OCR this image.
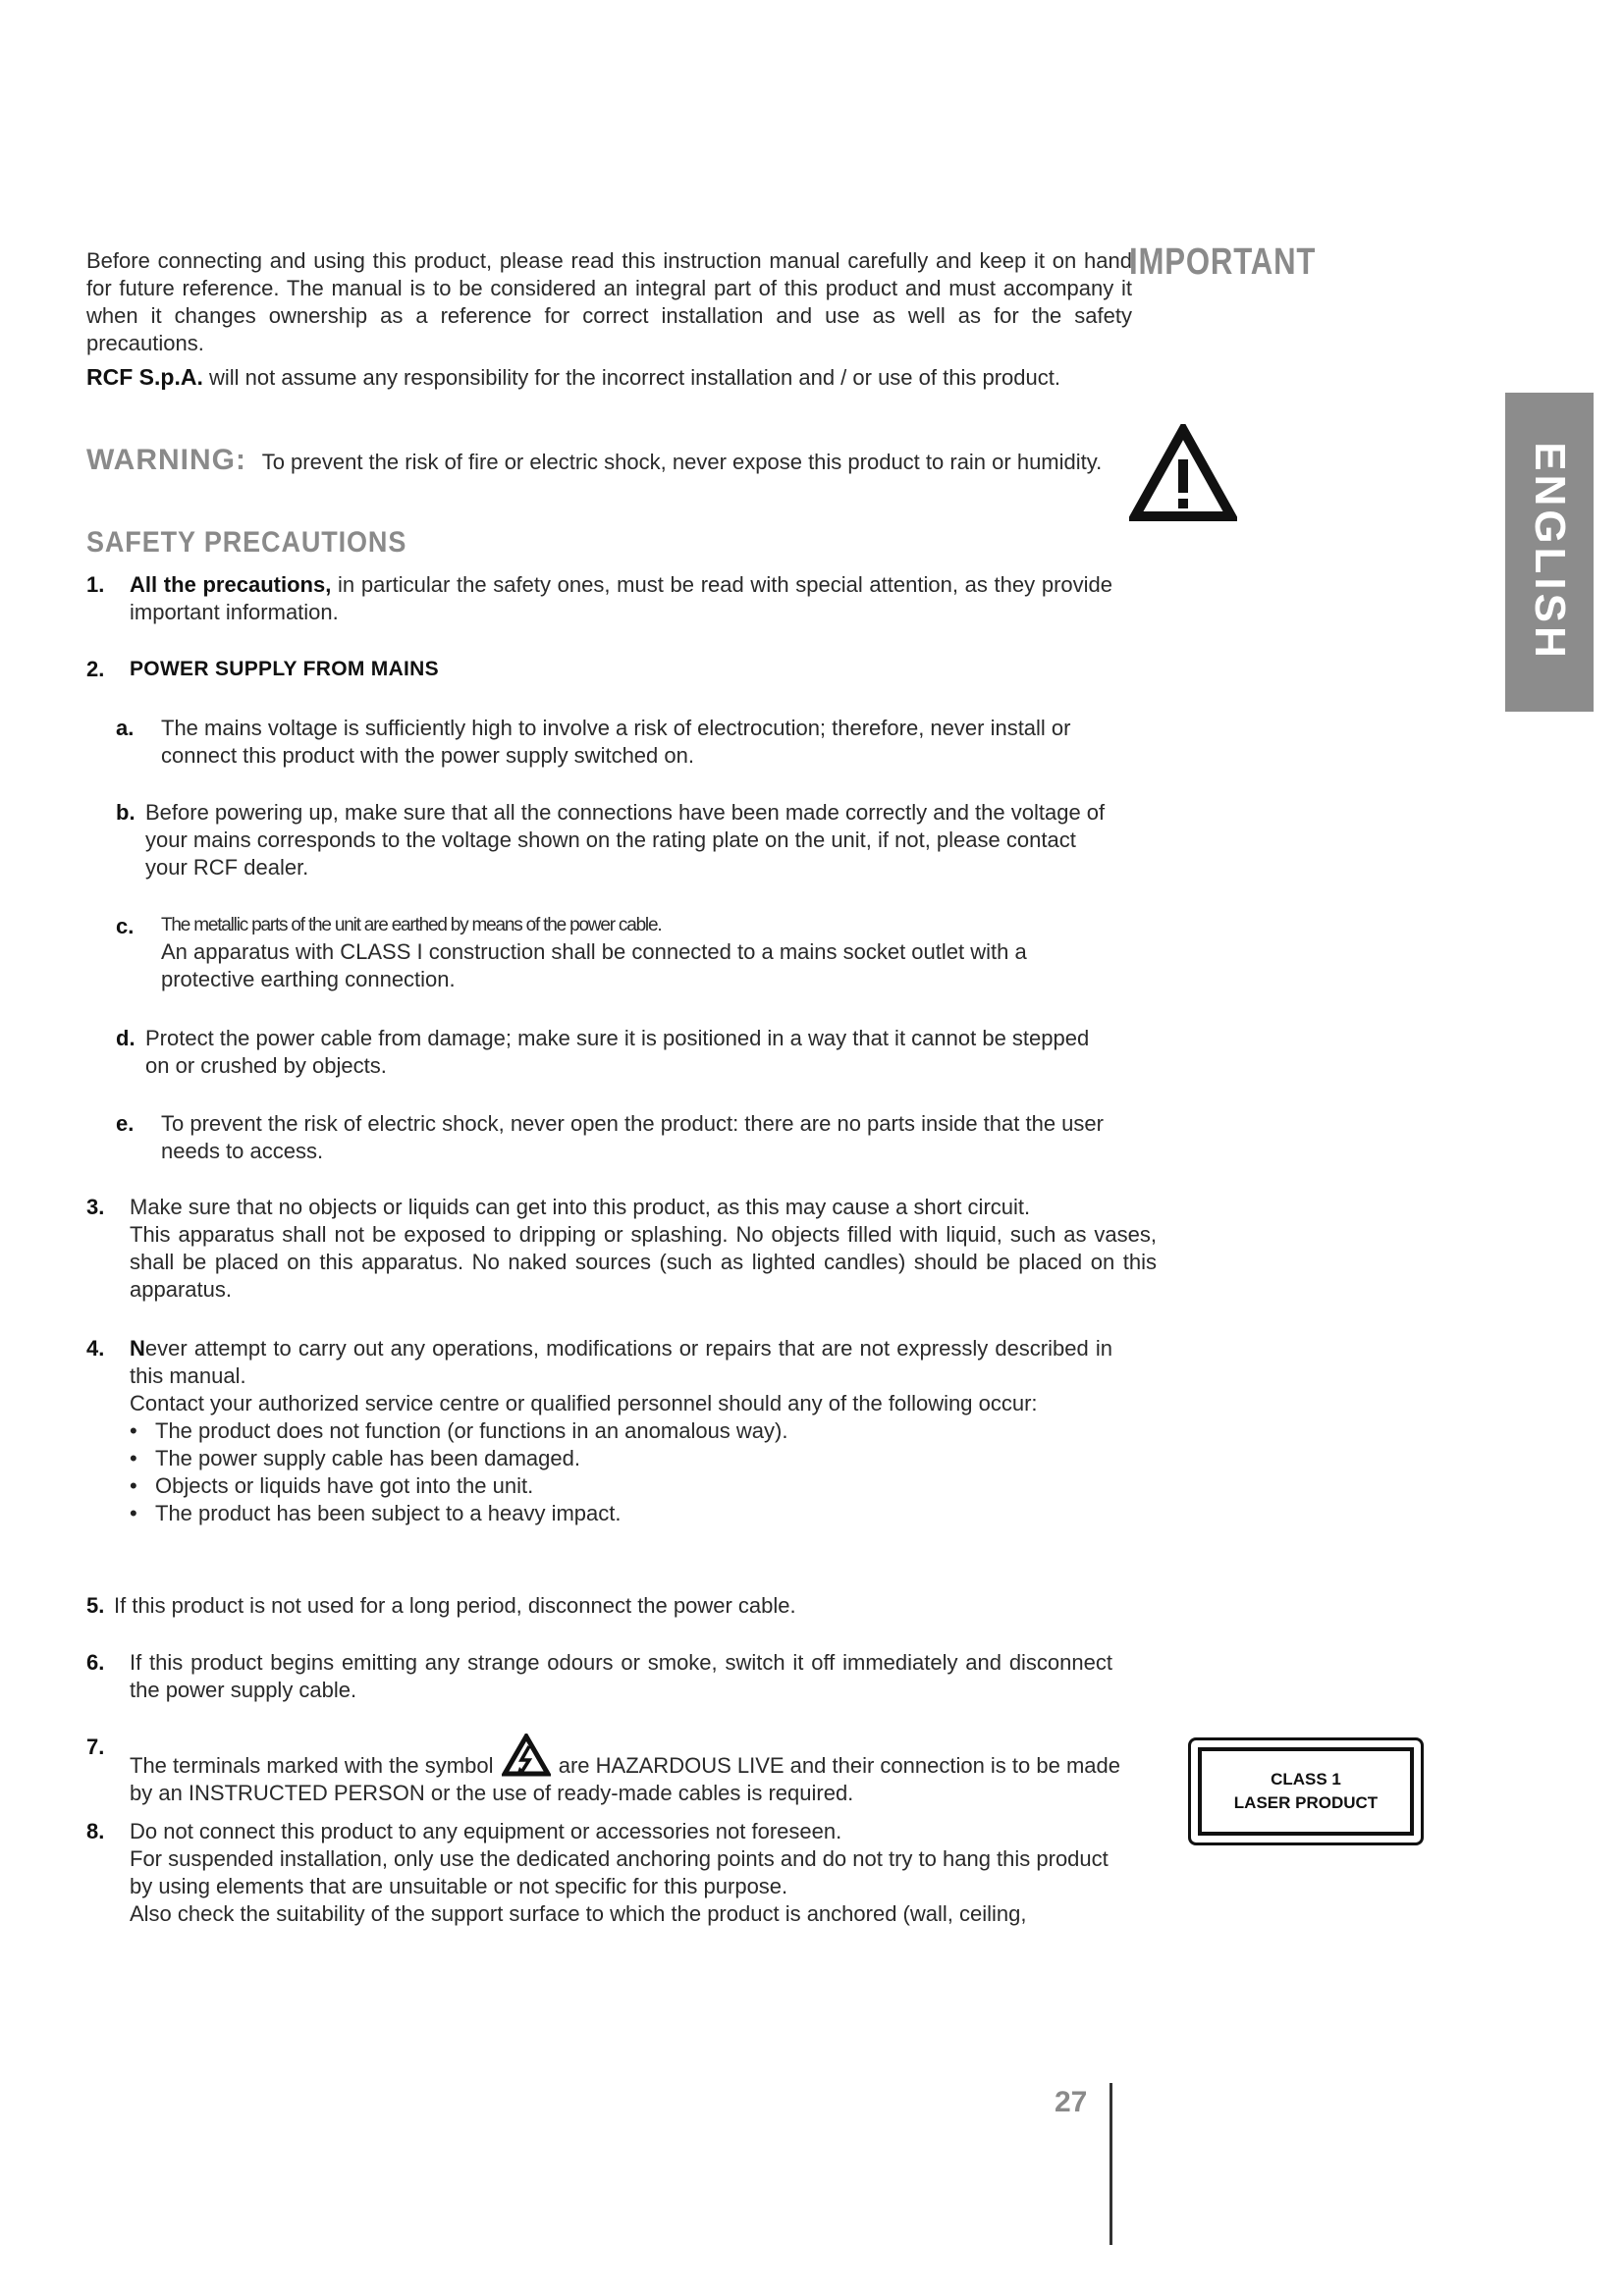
Before connecting and using this product, please read this instruction manual carefully and keep it on hand for future reference. The manual is to be considered an integral part of this product and must accompany it when it changes ownership as a reference for correct installation and use as well as for the safety precautions.
IMPORTANT
RCF S.p.A. will not assume any responsibility for the incorrect installation and / or use of this product.
WARNING: To prevent the risk of fire or electric shock, never expose this product to rain or humidity.	ENGLISH
SAFETY PRECAUTIONS
1. All the precautions, in particular the safety ones, must be read with special attention, as they provide important information.
2. POWER SUPPLY FROM MAINS
a. The mains voltage is sufficiently high to involve a risk of electrocution; therefore, never install or connect this product with the power supply switched on.
b. Before powering up, make sure that all the connections have been made correctly and the voltage of your mains corresponds to the voltage shown on the rating plate on the unit, if not, please contact your RCF dealer.
c. The metallic parts of the unit are earthed by means of the power cable.
An apparatus with CLASS I construction shall be connected to a mains socket outlet with a protective earthing connection.
d. Protect the power cable from damage; make sure it is positioned in a way that it cannot be stepped on or crushed by objects.
e. To prevent the risk of electric shock, never open the product: there are no parts inside that the user needs to access.
3. Make sure that no objects or liquids can get into this product, as this may cause a short circuit.
This apparatus shall not be exposed to dripping or splashing. No objects filled with liquid, such as vases, shall be placed on this apparatus. No naked sources (such as lighted candles) should be placed on this apparatus.
4. Never attempt to carry out any operations, modifications or repairs that are not expressly described in this manual.
Contact your authorized service centre or qualified personnel should any of the following occur:
• The product does not function (or functions in an anomalous way).
• The power supply cable has been damaged.
• Objects or liquids have got into the unit.
• The product has been subject to a heavy impact.
5. If this product is not used for a long period, disconnect the power cable.
6. If this product begins emitting any strange odours or smoke, switch it off immediately and disconnect the power supply cable.
7.
The terminals marked with the symbol	are HAZARDOUS LIVE and their connection is to be made by an INSTRUCTED PERSON or the use of ready-made cables is required.
8. Do not connect this product to any equipment or accessories not foreseen.
For suspended installation, only use the dedicated anchoring points and do not try to hang this product by using elements that are unsuitable or not specific for this purpose.
Also check the suitability of the support surface to which the product is anchored (wall, ceiling,
CLASS 1
LASER PRODUCT
27
